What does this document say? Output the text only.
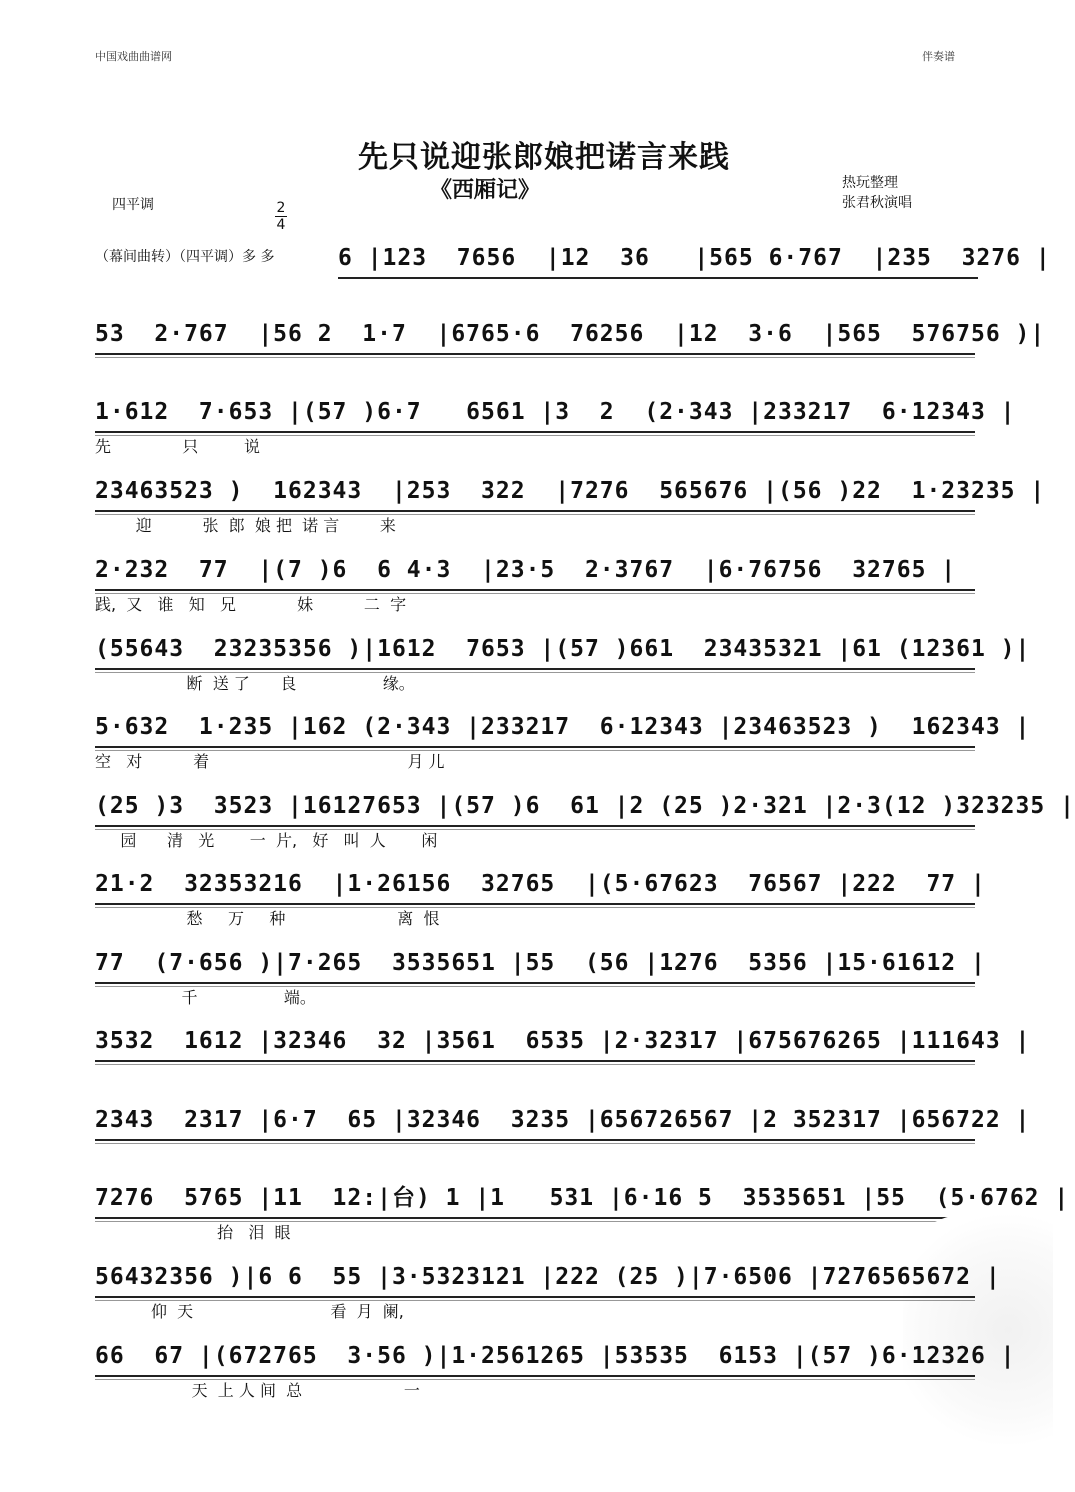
中国戏曲曲谱网	伴奏谱
先只说迎张郎娘把诺言来践
《西厢记》	热玩整理
张君秋演唱
四平调	2
4
（幕间曲转）（四平调）多 多	6 |123  7656  |12  36   |565 6·767  |235  3276 |
53  2·767  |56 2  1·7  |6765·6  76256  |12  3·6  |565  576756 )|
1·612  7·653 |(57 )6·7   6561 |3  2  (2·343 |233217  6·12343 |
先              只         说
23463523 )  162343  |253  322  |7276  565676 |(56 )22  1·23235 |
迎          张  郎  娘 把  诺 言        来
2·232  77  |(7 )6  6 4·3  |23·5  2·3767  |6·76756  32765 |
践,  又   谁   知   兄            妹          二  字
(55643  23235356 )|1612  7653 |(57 )661  23435321 |61 (12361 )|
断  送 了      良                 缘。
5·632  1·235 |162 (2·343 |233217  6·12343 |23463523 )  162343 |
空   对          着                                       月 儿
(25 )3  3523 |16127653 |(57 )6  61 |2 (25 )2·321 |2·3(12 )323235 |
园      清   光       一  片,   好   叫  人       闲
21·2  32353216  |1·26156  32765  |(5·67623  76567 |222  77 |
愁     万     种                      离  恨
77  (7·656 )|7·265  3535651 |55  (56 |1276  5356 |15·61612 |
千                 端。
3532  1612 |32346  32 |3561  6535 |2·32317 |675676265 |111643 |
2343  2317 |6·7  65 |32346  3235 |656726567 |2 352317 |656722 |
7276  5765 |11  12:|台) 1 |1   531 |6·16 5  3535651 |55  (5·6762 |
抬   泪  眼
56432356 )|6 6  55 |3·5323121 |222 (25 )|7·6506 |7276565672 |
仰  天                           看  月  阑,
66  67 |(672765  3·56 )|1·2561265 |53535  6153 |(57 )6·12326 |
天  上 人 间  总                    一
